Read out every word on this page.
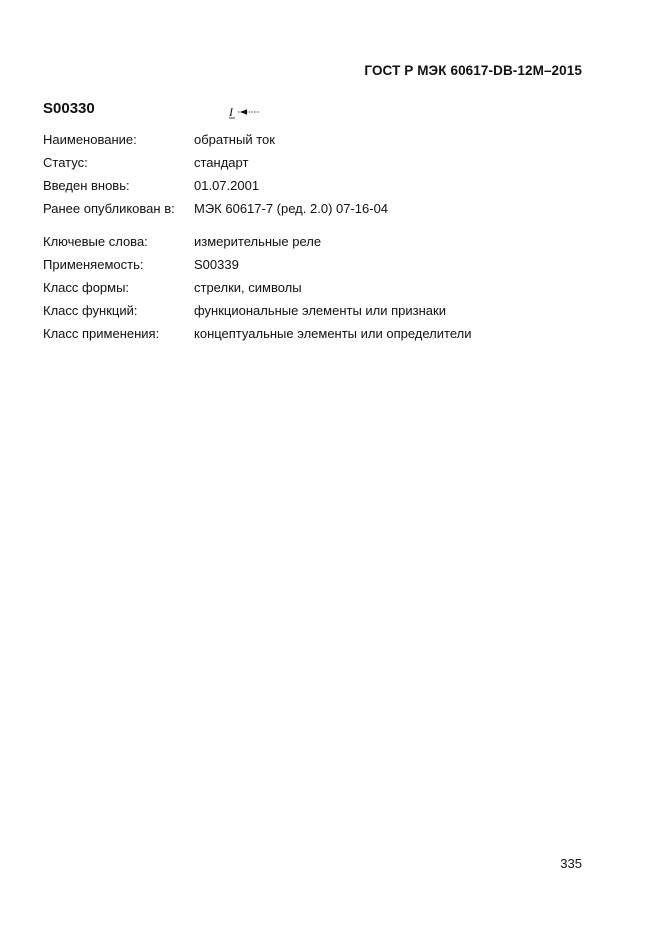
ГОСТ Р МЭК 60617-DB-12M–2015
S00330	I
Наименование:	обратный ток
Статус:	стандарт
Введен вновь:	01.07.2001
Ранее опубликован в: МЭК 60617-7 (ред. 2.0) 07-16-04
Ключевые слова:	измерительные реле
Применяемость:	S00339
Класс формы:	стрелки, символы
Класс функций:	функциональные элементы или признаки
Класс применения:	концептуальные элементы или определители
335
